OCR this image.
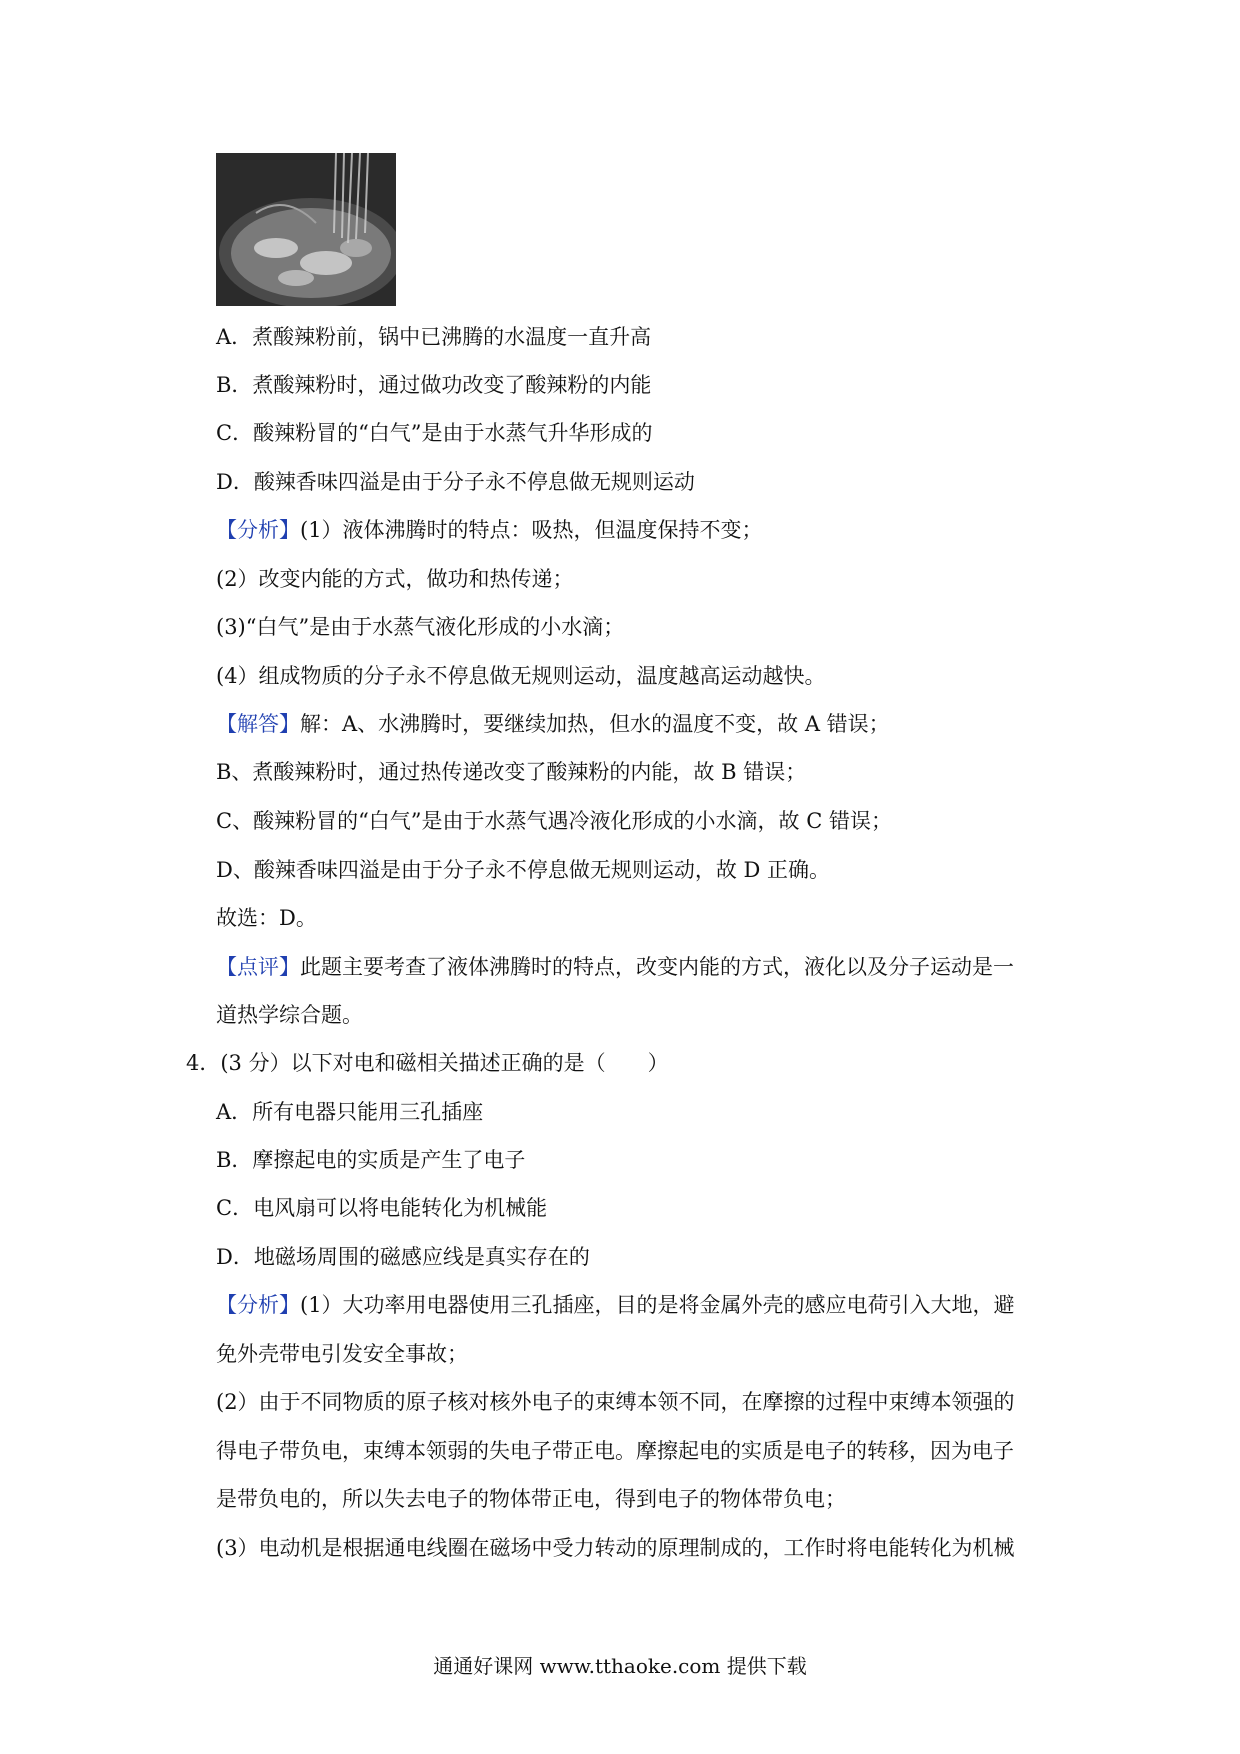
A．煮酸辣粉前，锅中已沸腾的水温度一直升高
B．煮酸辣粉时，通过做功改变了酸辣粉的内能
C．酸辣粉冒的“白气”是由于水蒸气升华形成的
D．酸辣香味四溢是由于分子永不停息做无规则运动
【分析】(1）液体沸腾时的特点：吸热，但温度保持不变；
(2）改变内能的方式，做功和热传递；
(3)“白气”是由于水蒸气液化形成的小水滴；
(4）组成物质的分子永不停息做无规则运动，温度越高运动越快。
【解答】解：A、水沸腾时，要继续加热，但水的温度不变，故 A 错误；
B、煮酸辣粉时，通过热传递改变了酸辣粉的内能，故 B 错误；
C、酸辣粉冒的“白气”是由于水蒸气遇冷液化形成的小水滴，故 C 错误；
D、酸辣香味四溢是由于分子永不停息做无规则运动，故 D 正确。
故选：D。
【点评】此题主要考查了液体沸腾时的特点，改变内能的方式，液化以及分子运动是一
道热学综合题。
4．(3 分）以下对电和磁相关描述正确的是（　　）
A．所有电器只能用三孔插座
B．摩擦起电的实质是产生了电子
C．电风扇可以将电能转化为机械能
D．地磁场周围的磁感应线是真实存在的
【分析】(1）大功率用电器使用三孔插座，目的是将金属外壳的感应电荷引入大地，避
免外壳带电引发安全事故；
(2）由于不同物质的原子核对核外电子的束缚本领不同，在摩擦的过程中束缚本领强的
得电子带负电，束缚本领弱的失电子带正电。摩擦起电的实质是电子的转移，因为电子
是带负电的，所以失去电子的物体带正电，得到电子的物体带负电；
(3）电动机是根据通电线圈在磁场中受力转动的原理制成的，工作时将电能转化为机械
通通好课网 www.tthaoke.com 提供下载
